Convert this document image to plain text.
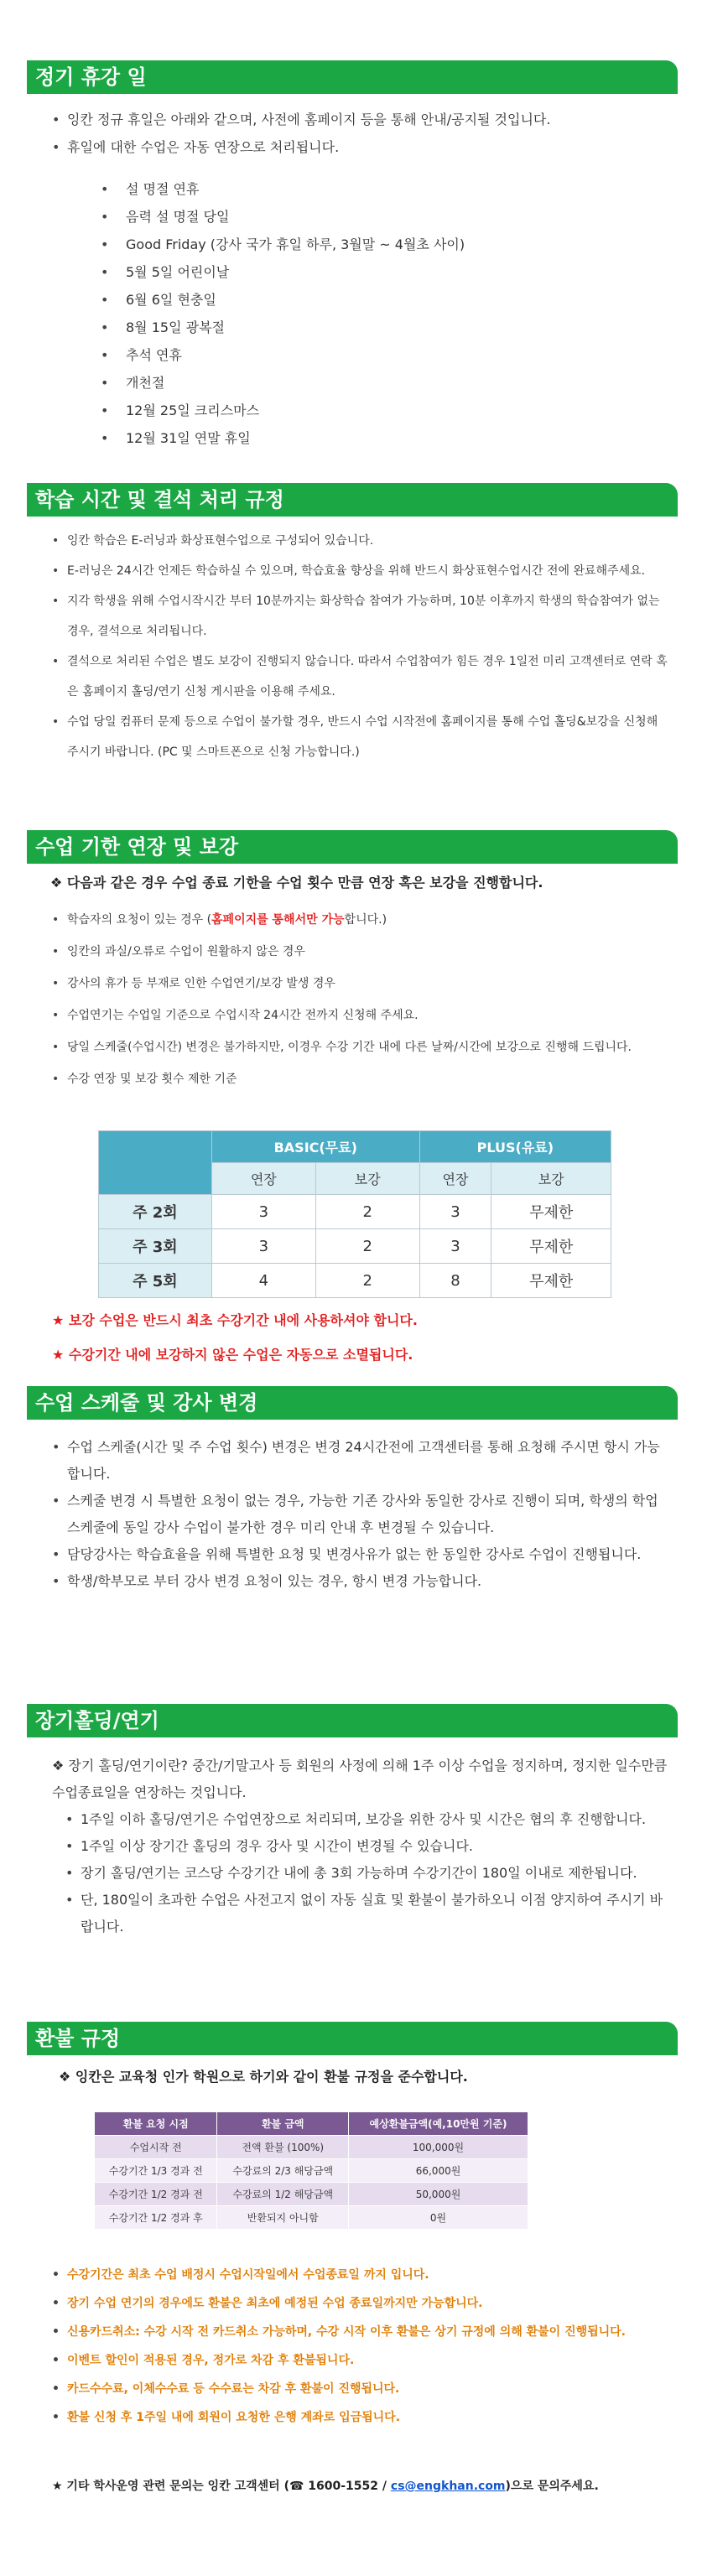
정기 휴강 일
• 잉칸 정규 휴일은 아래와 같으며, 사전에 홈페이지 등을 통해 안내/공지될 것입니다.
• 휴일에 대한 수업은 자동 연장으로 처리됩니다.
• 설 명절 연휴
• 음력 설 명절 당일
• Good Friday (강사 국가 휴일 하루, 3월말 ~ 4월초 사이)
• 5월 5일 어린이날
• 6월 6일 현충일
• 8월 15일 광복절
• 추석 연휴
• 개천절
• 12월 25일 크리스마스
• 12월 31일 연말 휴일
학습 시간 및 결석 처리 규정
• 잉칸 학습은 E-러닝과 화상표현수업으로 구성되어 있습니다.
• E-러닝은 24시간 언제든 학습하실 수 있으며, 학습효율 향상을 위해 반드시 화상표현수업시간 전에 완료해주세요.
• 지각 학생을 위해 수업시작시간 부터 10분까지는 화상학습 참여가 가능하며, 10분 이후까지 학생의 학습참여가 없는 경우, 결석으로 처리됩니다.
• 결석으로 처리된 수업은 별도 보강이 진행되지 않습니다. 따라서 수업참여가 힘든 경우 1일전 미리 고객센터로 연락 혹은 홈페이지 홀딩/연기 신청 게시판을 이용해 주세요.
• 수업 당일 컴퓨터 문제 등으로 수업이 불가할 경우, 반드시 수업 시작전에 홈페이지를 통해 수업 홀딩&보강을 신청해 주시기 바랍니다. (PC 및 스마트폰으로 신청 가능합니다.)
수업 기한 연장 및 보강
❖ 다음과 같은 경우 수업 종료 기한을 수업 횟수 만큼 연장 혹은 보강을 진행합니다.
• 학습자의 요청이 있는 경우 (홈페이지를 통해서만 가능합니다.)
• 잉칸의 과실/오류로 수업이 원활하지 않은 경우
• 강사의 휴가 등 부재로 인한 수업연기/보강 발생 경우
• 수업연기는 수업일 기준으로 수업시작 24시간 전까지 신청해 주세요.
• 당일 스케줄(수업시간) 변경은 불가하지만, 이경우 수강 기간 내에 다른 날짜/시간에 보강으로 진행해 드립니다.
• 수강 연장 및 보강 횟수 제한 기준
	BASIC(무료)		PLUS(유료)	
	연장	보강	연장	보강
주 2회	3	2	3	무제한
주 3회	3	2	3	무제한
주 5회	4	2	8	무제한
★ 보강 수업은 반드시 최초 수강기간 내에 사용하셔야 합니다.
★ 수강기간 내에 보강하지 않은 수업은 자동으로 소멸됩니다.
수업 스케줄 및 강사 변경
• 수업 스케줄(시간 및 주 수업 횟수) 변경은 변경 24시간전에 고객센터를 통해 요청해 주시면 항시 가능합니다.
• 스케줄 변경 시 특별한 요청이 없는 경우, 가능한 기존 강사와 동일한 강사로 진행이 되며, 학생의 학업 스케줄에 동일 강사 수업이 불가한 경우 미리 안내 후 변경될 수 있습니다.
• 담당강사는 학습효율을 위해 특별한 요청 및 변경사유가 없는 한 동일한 강사로 수업이 진행됩니다.
• 학생/학부모로 부터 강사 변경 요청이 있는 경우, 항시 변경 가능합니다.
장기홀딩/연기
❖ 장기 홀딩/연기이란? 중간/기말고사 등 회원의 사정에 의해 1주 이상 수업을 정지하며, 정지한 일수만큼 수업종료일을 연장하는 것입니다.
• 1주일 이하 홀딩/연기은 수업연장으로 처리되며, 보강을 위한 강사 및 시간은 협의 후 진행합니다.
• 1주일 이상 장기간 홀딩의 경우 강사 및 시간이 변경될 수 있습니다.
• 장기 홀딩/연기는 코스당 수강기간 내에 총 3회 가능하며 수강기간이 180일 이내로 제한됩니다.
• 단, 180일이 초과한 수업은 사전고지 없이 자동 실효 및 환불이 불가하오니 이점 양지하여 주시기 바랍니다.
환불 규정
❖ 잉칸은 교육청 인가 학원으로 하기와 같이 환불 규정을 준수합니다.
환불 요청 시점	환불 금액	예상환불금액(예,10만원 기준)
수업시작 전	전액 환불 (100%)	100,000원
수강기간 1/3 경과 전	수강료의 2/3 해당금액	66,000원
수강기간 1/2 경과 전	수강료의 1/2 해당금액	50,000원
수강기간 1/2 경과 후	반환되지 아니함	0원
• 수강기간은 최초 수업 배정시 수업시작일에서 수업종료일 까지 입니다.
• 장기 수업 연기의 경우에도 환불은 최초에 예정된 수업 종료일까지만 가능합니다.
• 신용카드취소: 수강 시작 전 카드취소 가능하며, 수강 시작 이후 환불은 상기 규정에 의해 환불이 진행됩니다.
• 이벤트 할인이 적용된 경우, 정가로 차감 후 환불됩니다.
• 카드수수료, 이체수수료 등 수수료는 차감 후 환불이 진행됩니다.
• 환불 신청 후 1주일 내에 회원이 요청한 은행 계좌로 입금됩니다.
★ 기타 학사운영 관련 문의는 잉칸 고객센터 (☎ 1600-1552 / cs@engkhan.com)으로 문의주세요.
